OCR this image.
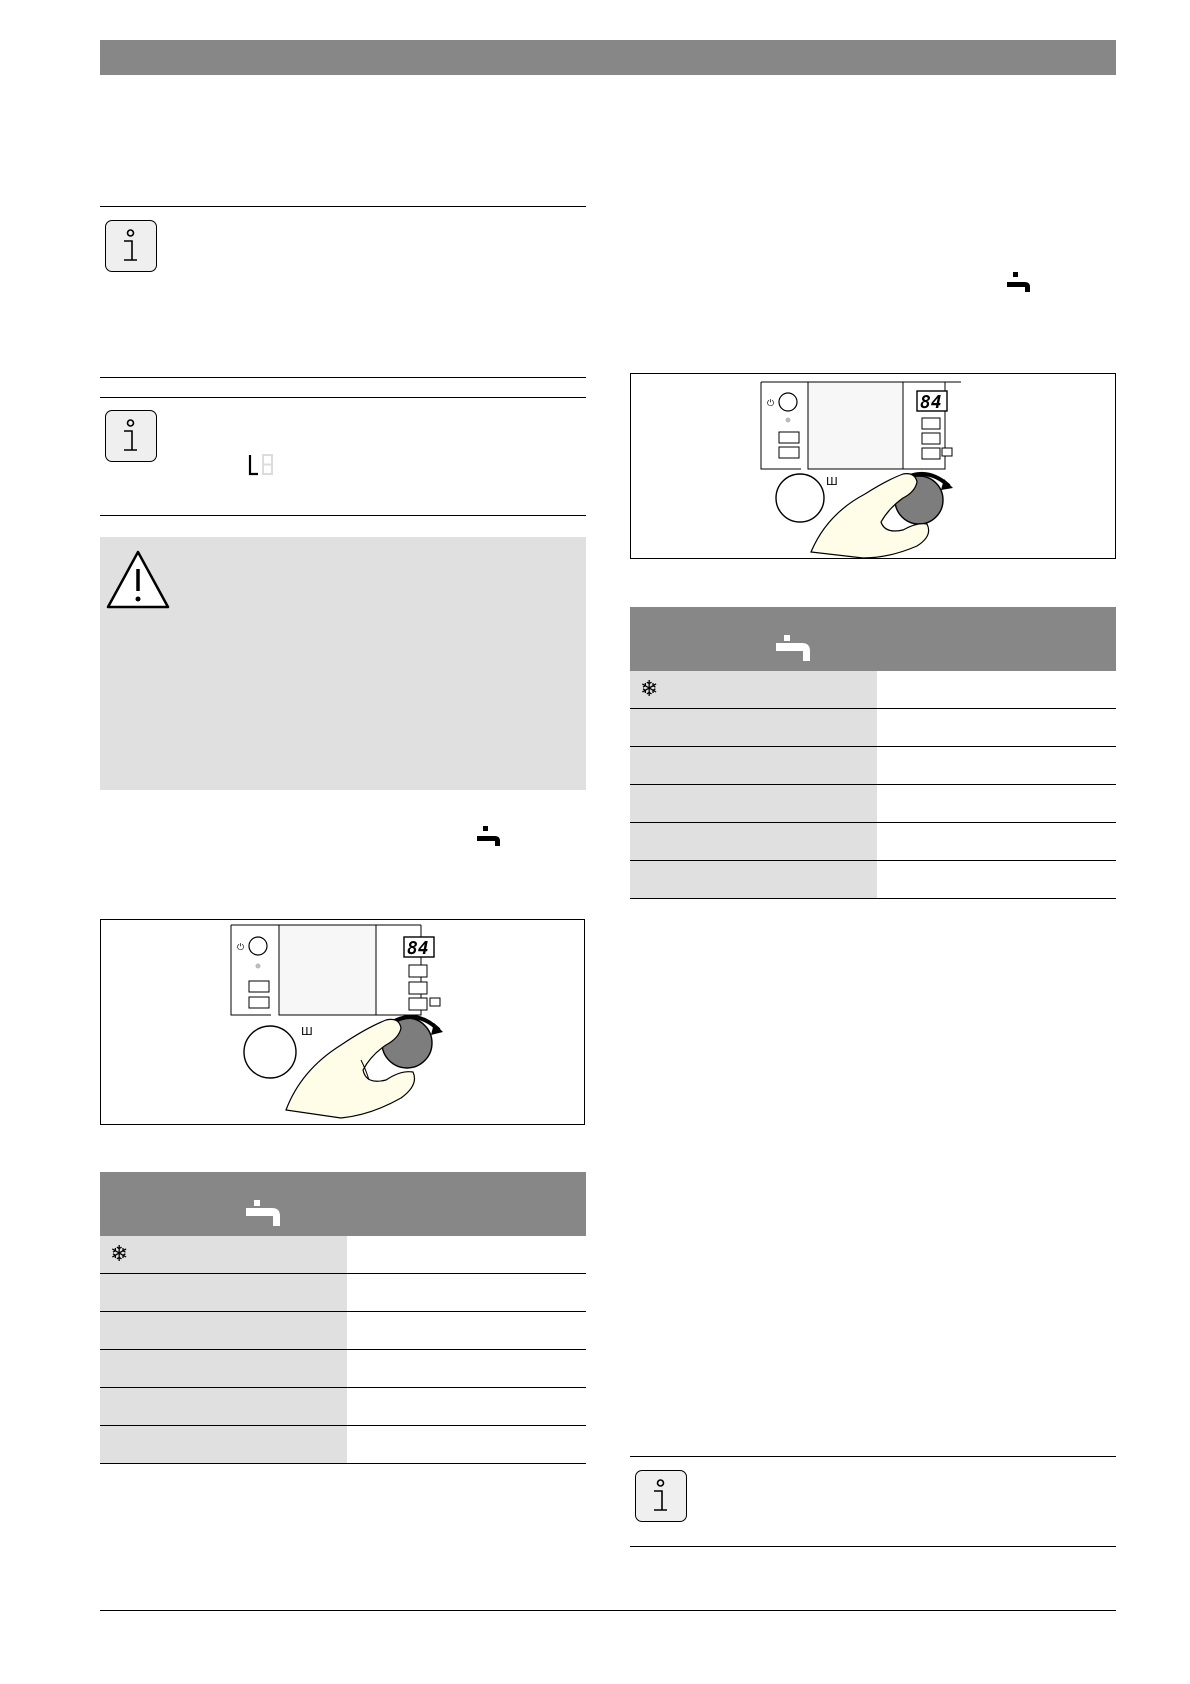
⏻	84
Ш
❄
⏻	84
Ш
❄
